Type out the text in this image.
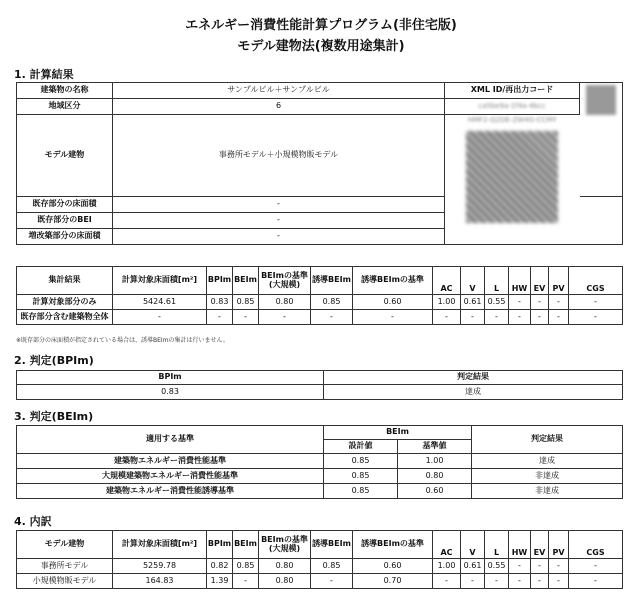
エネルギー消費性能計算プログラム(非住宅版)
モデル建物法(複数用途集計)
1. 計算結果
建築物の名称	サンプルビル＋サンプルビル	XML ID/再出力コード	

地域区分	6	ca5be9a-1f4a-4bcc	
モデル建物	事務所モデル＋小規模物販モデル	HMF2-Q2DE-ZW4G-CCMY	

既存部分の床面積	-		
既存部分のBEI	-		
増改築部分の床面積	-		
集計結果	計算対象床面積[m²]	BPIm	BEIm	BEImの基準(大規模)	誘導BEIm	誘導BEImの基準	AC	V	L	HW	EV	PV	CGS
計算対象部分のみ	5424.61	0.83	0.85	0.80	0.85	0.60	1.00	0.61	0.55	-	-	-	-
既存部分含む建築物全体	-	-	-	-	-	-	-	-	-	-	-	-	-
※既存部分の床面積が指定されている場合は、誘導BEImの集計は行いません。
2. 判定(BPIm)
BPIm	判定結果
0.83	達成
3. 判定(BEIm)
適用する基準	BEIm		判定結果
	設計値	基準値	
建築物エネルギー消費性能基準	0.85	1.00	達成
大規模建築物エネルギー消費性能基準	0.85	0.80	非達成
建築物エネルギー消費性能誘導基準	0.85	0.60	非達成
4. 内訳
モデル建物	計算対象床面積[m²]	BPIm	BEIm	BEImの基準(大規模)	誘導BEIm	誘導BEImの基準	AC	V	L	HW	EV	PV	CGS
事務所モデル	5259.78	0.82	0.85	0.80	0.85	0.60	1.00	0.61	0.55	-	-	-	-
小規模物販モデル	164.83	1.39	-	0.80	-	0.70	-	-	-	-	-	-	-
